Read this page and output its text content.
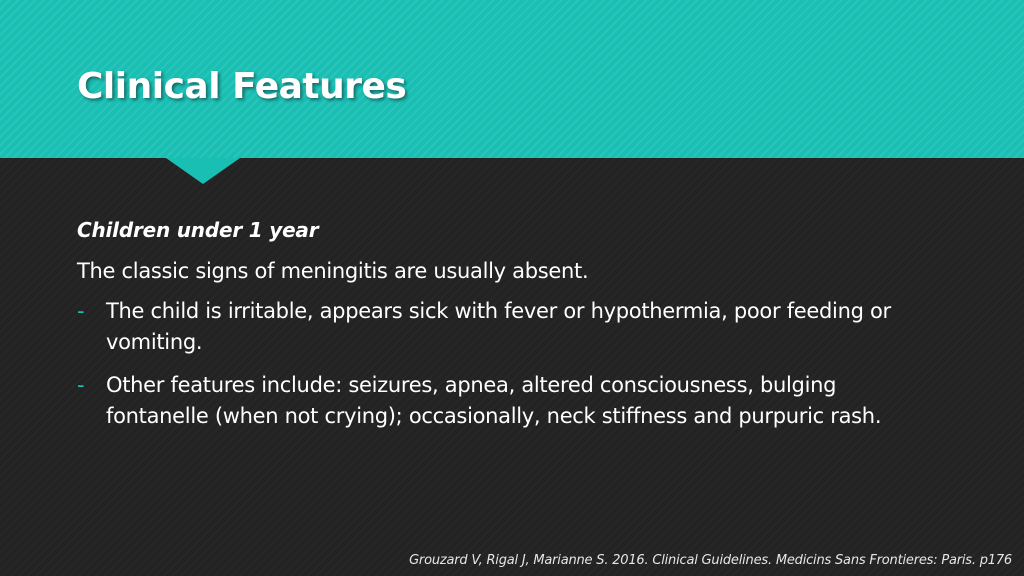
Clinical Features
Children under 1 year
The classic signs of meningitis are usually absent.
- The child is irritable, appears sick with fever or hypothermia, poor feeding or vomiting.
- Other features include: seizures, apnea, altered consciousness, bulging fontanelle (when not crying); occasionally, neck stiffness and purpuric rash.
Grouzard V, Rigal J, Marianne S. 2016. Clinical Guidelines. Medicins Sans Frontieres: Paris. p176
